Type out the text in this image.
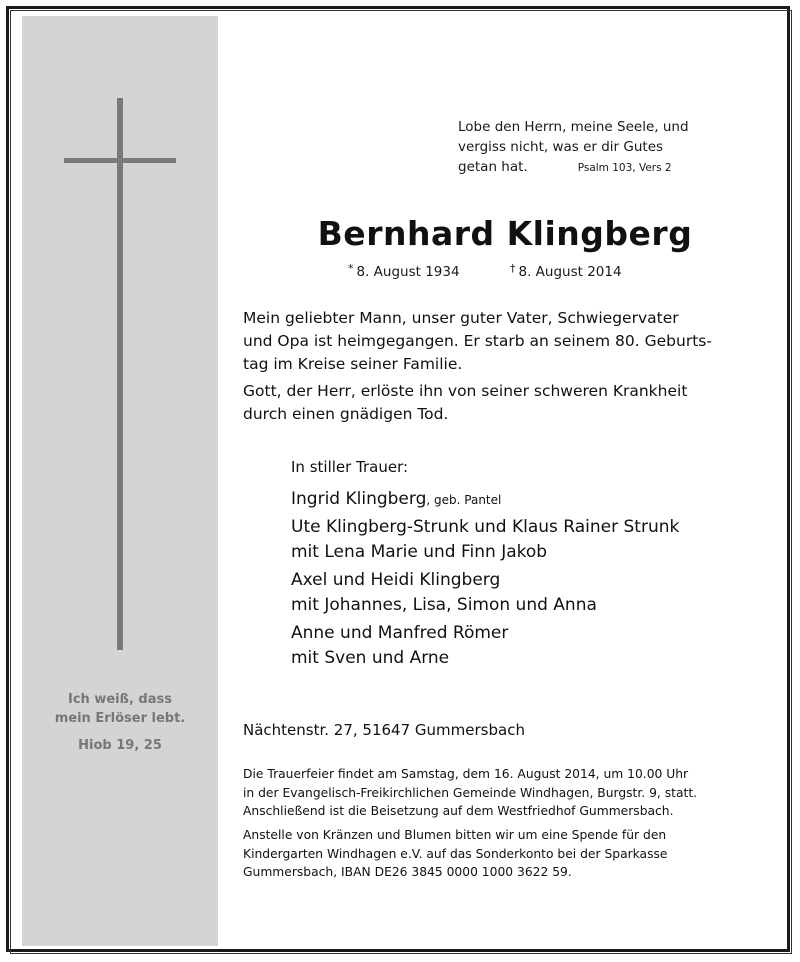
Ich weiß, dass
mein Erlöser lebt.
Hiob 19, 25
Lobe den Herrn, meine Seele, und
vergiss nicht, was er dir Gutes
getan hat.	Psalm 103, Vers 2
Bernhard Klingberg
* 8. August 1934	† 8. August 2014
Mein geliebter Mann, unser guter Vater, Schwiegervater
und Opa ist heimgegangen. Er starb an seinem 80. Geburts-
tag im Kreise seiner Familie.
Gott, der Herr, erlöste ihn von seiner schweren Krankheit
durch einen gnädigen Tod.
In stiller Trauer:
Ingrid Klingberg, geb. Pantel
Ute Klingberg-Strunk und Klaus Rainer Strunk
mit Lena Marie und Finn Jakob
Axel und Heidi Klingberg
mit Johannes, Lisa, Simon und Anna
Anne und Manfred Römer
mit Sven und Arne
Nächtenstr. 27, 51647 Gummersbach
Die Trauerfeier findet am Samstag, dem 16. August 2014, um 10.00 Uhr
in der Evangelisch-Freikirchlichen Gemeinde Windhagen, Burgstr. 9, statt.
Anschließend ist die Beisetzung auf dem Westfriedhof Gummersbach.
Anstelle von Kränzen und Blumen bitten wir um eine Spende für den
Kindergarten Windhagen e.V. auf das Sonderkonto bei der Sparkasse
Gummersbach, IBAN DE26 3845 0000 1000 3622 59.
